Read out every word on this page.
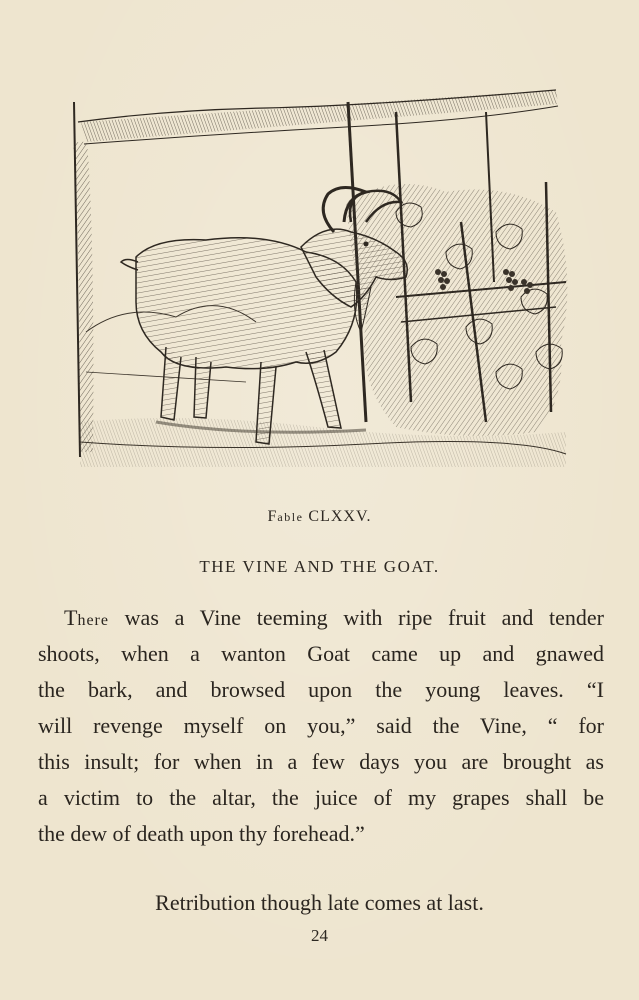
Fable CLXXV.
THE VINE AND THE GOAT.
There was a Vine teeming with ripe fruit and tender
shoots, when a wanton Goat came up and gnawed
the bark, and browsed upon the young leaves. “I
will revenge myself on you,” said the Vine, “ for
this insult; for when in a few days you are brought as
a victim to the altar, the juice of my grapes shall be
the dew of death upon thy forehead.”
Retribution though late comes at last.
24
